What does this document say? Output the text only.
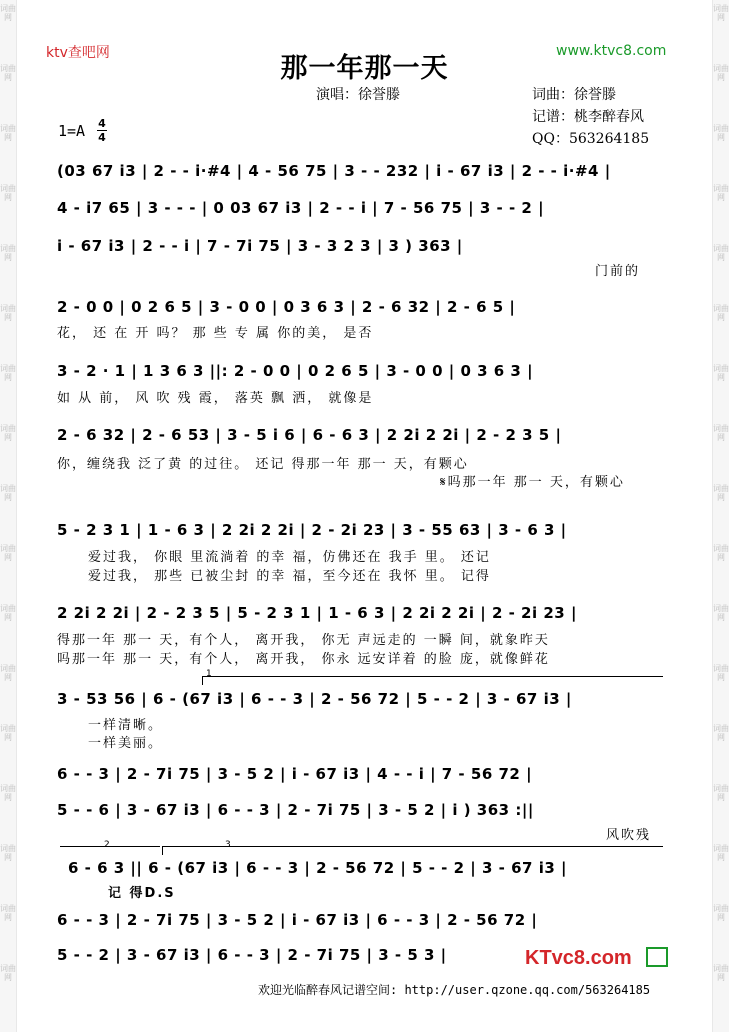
词曲网
词曲网
词曲网
词曲网
词曲网
词曲网
词曲网
词曲网
词曲网
词曲网
词曲网
词曲网
词曲网
词曲网
词曲网
词曲网
词曲网
词曲网
词曲网
词曲网
词曲网
词曲网
词曲网
词曲网
词曲网
词曲网
词曲网
词曲网
词曲网
词曲网
词曲网
词曲网
词曲网
词曲网
ktv查吧网	www.ktvc8.com
那一年那一天
演唱：徐誉滕	词曲：徐誉滕
记谱：桃李醉春风
QQ：563264185
1=A 4
4
(03 67 i3 | 2 - - i·#4 | 4 - 56 75 | 3 - - 232 | i - 67 i3 | 2 - - i·#4 |
4 - i7 65 | 3 - - - | 0 03 67 i3 | 2 - - i | 7 - 56 75 | 3 - - 2 |
i - 67 i3 | 2 - - i | 7 - 7i 75 | 3 - 3 2 3 | 3 ) 363 |
门前的
2 - 0 0 | 0 2 6 5 | 3 - 0 0 | 0 3 6 3 | 2 - 6 32 | 2 - 6 5 |
花， 还 在 开 吗？ 那 些 专 属 你的美， 是否
3 - 2 · 1 | 1 3 6 3 ||: 2 - 0 0 | 0 2 6 5 | 3 - 0 0 | 0 3 6 3 |
如 从 前， 风 吹 残 霞， 落英 飘 洒， 就像是
2 - 6 32 | 2 - 6 53 | 3 - 5 i 6 | 6 - 6 3 | 2 2i 2 2i | 2 - 2 3 5 |
你，缠绕我 泛了黄 的过往。 还记 得那一年 那一 天，有颗心
𝄋吗那一年 那一 天，有颗心
5 - 2 3 1 | 1 - 6 3 | 2 2i 2 2i | 2 - 2i 23 | 3 - 55 63 | 3 - 6 3 |
爱过我， 你眼 里流淌着 的幸 福，仿佛还在 我手 里。 还记
爱过我， 那些 已被尘封 的幸 福，至今还在 我怀 里。 记得
2 2i 2 2i | 2 - 2 3 5 | 5 - 2 3 1 | 1 - 6 3 | 2 2i 2 2i | 2 - 2i 23 |
得那一年 那一 天，有个人， 离开我， 你无 声远走的 一瞬 间，就象昨天
吗那一年 那一 天，有个人， 离开我， 你永 远安详着 的脸 庞，就像鲜花
1
3 - 53 56 | 6 - (67 i3 | 6 - - 3 | 2 - 56 72 | 5 - - 2 | 3 - 67 i3 |
一样清晰。
一样美丽。
6 - - 3 | 2 - 7i 75 | 3 - 5 2 | i - 67 i3 | 4 - - i | 7 - 56 72 |
5 - - 6 | 3 - 67 i3 | 6 - - 3 | 2 - 7i 75 | 3 - 5 2 | i ) 363 :||
风吹残
2	3
6 - 6 3 || 6 - (67 i3 | 6 - - 3 | 2 - 56 72 | 5 - - 2 | 3 - 67 i3 |
记 得D.S
6 - - 3 | 2 - 7i 75 | 3 - 5 2 | i - 67 i3 | 6 - - 3 | 2 - 56 72 |
5 - - 2 | 3 - 67 i3 | 6 - - 3 | 2 - 7i 75 | 3 - 5 3 |	KTvc8.com
欢迎光临醉春风记谱空间: http://user.qzone.qq.com/563264185
